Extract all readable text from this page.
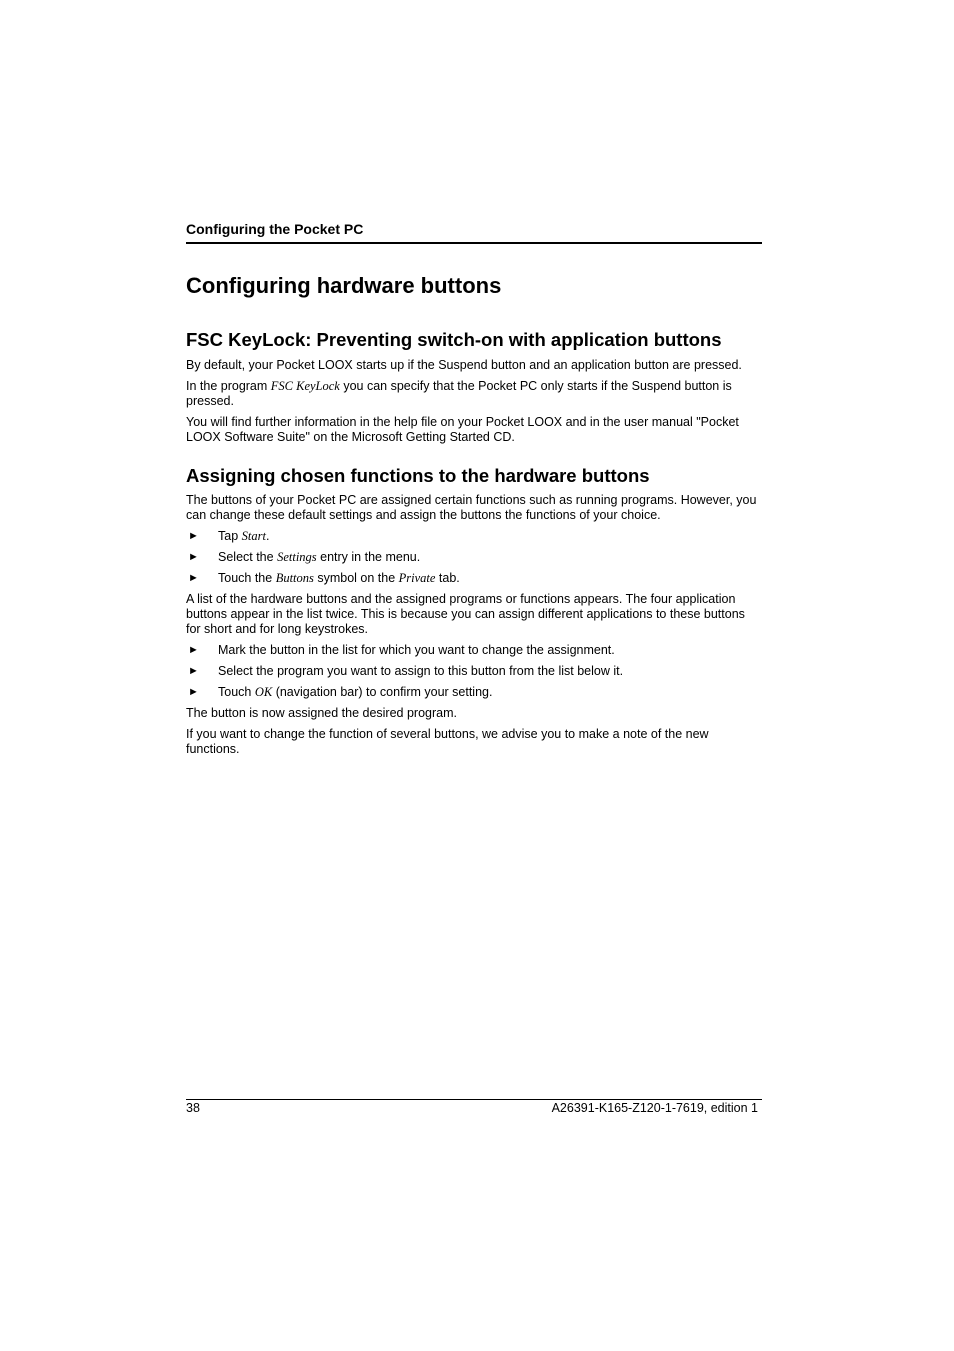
Configuring the Pocket PC
Configuring hardware buttons
FSC KeyLock: Preventing switch-on with application buttons

By default, your Pocket LOOX starts up if the Suspend button and an application button are pressed.

In the program FSC KeyLock you can specify that the Pocket PC only starts if the Suspend button is pressed.

You will find further information in the help file on your Pocket LOOX and in the user manual "Pocket LOOX Software Suite" on the Microsoft Getting Started CD.

Assigning chosen functions to the hardware buttons

The buttons of your Pocket PC are assigned certain functions such as running programs. However, you can change these default settings and assign the buttons the functions of your choice.

► Tap Start.
► Select the Settings entry in the menu.
► Touch the Buttons symbol on the Private tab.

A list of the hardware buttons and the assigned programs or functions appears. The four application buttons appear in the list twice. This is because you can assign different applications to these buttons for short and for long keystrokes.

► Mark the button in the list for which you want to change the assignment.
► Select the program you want to assign to this button from the list below it.
► Touch OK (navigation bar) to confirm your setting.

The button is now assigned the desired program.

If you want to change the function of several buttons, we advise you to make a note of the new functions.

38	A26391-K165-Z120-1-7619, edition 1
